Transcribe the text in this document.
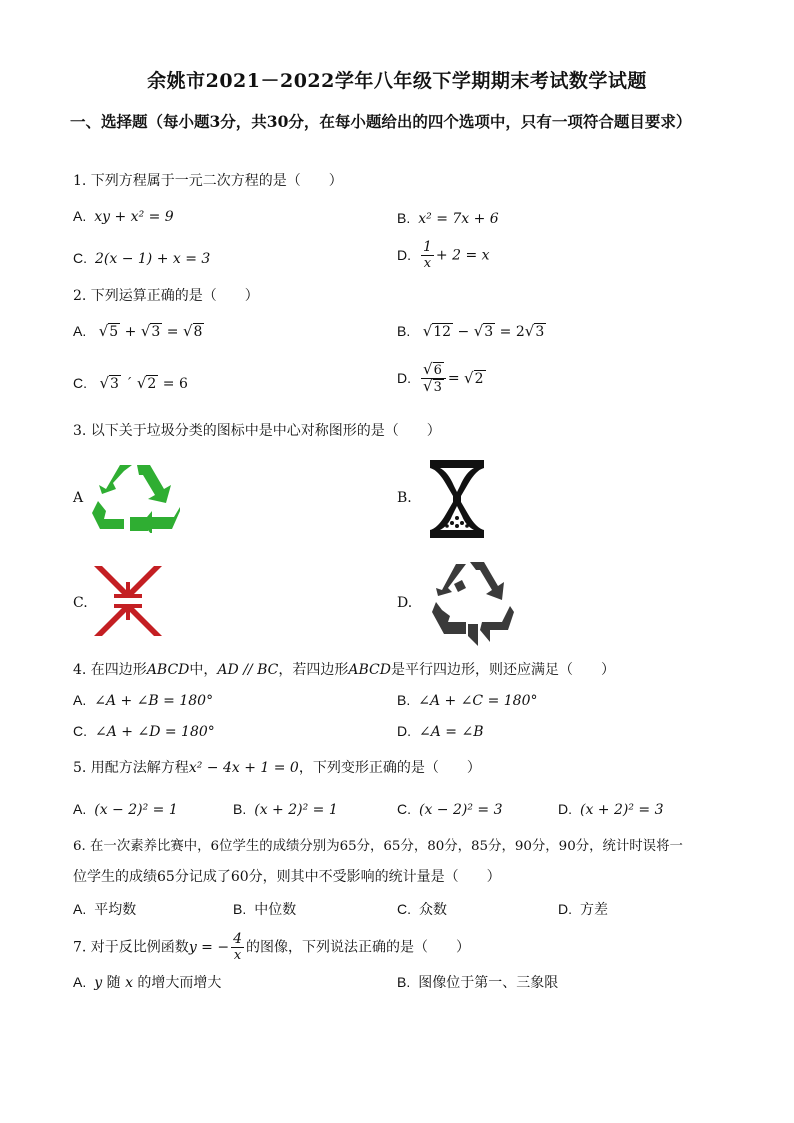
余姚市2021－2022学年八年级下学期期末考试数学试题
一、选择题（每小题3分，共30分，在每小题给出的四个选项中，只有一项符合题目要求）
1. 下列方程属于一元二次方程的是（　　）
A. xy + x² = 9	B. x² = 7x + 6
C. 2(x − 1) + x = 3	D. $\frac{1}{x} + 2 = x$
2. 下列运算正确的是（　　）
A. √5 + √3 = √8	B. √12 − √3 = 2√3
C. √3 ´ √2 = 6	D. $\frac{√6}{√3} = √2$
3. 以下关于垃圾分类的图标中是中心对称图形的是（　　）
A	B.
C.	D.
4. 在四边形ABCD中，AD // BC，若四边形ABCD是平行四边形，则还应满足（　　）
A. ∠A + ∠B = 180°	B. ∠A + ∠C = 180°
C. ∠A + ∠D = 180°	D. ∠A = ∠B
5. 用配方法解方程x² − 4x + 1 = 0，下列变形正确的是（　　）
A. (x − 2)² = 1	B. (x + 2)² = 1	C. (x − 2)² = 3	D. (x + 2)² = 3
6. 在一次素养比赛中，6位学生的成绩分别为65分，65分，80分，85分，90分，90分，统计时误将一
位学生的成绩65分记成了60分，则其中不受影响的统计量是（　　）
A. 平均数	B. 中位数	C. 众数	D. 方差
7. 对于反比例函数y = − $\frac{4}{x}$ 的图像，下列说法正确的是（　　）
A. y 随 x 的增大而增大	B. 图像位于第一、三象限
